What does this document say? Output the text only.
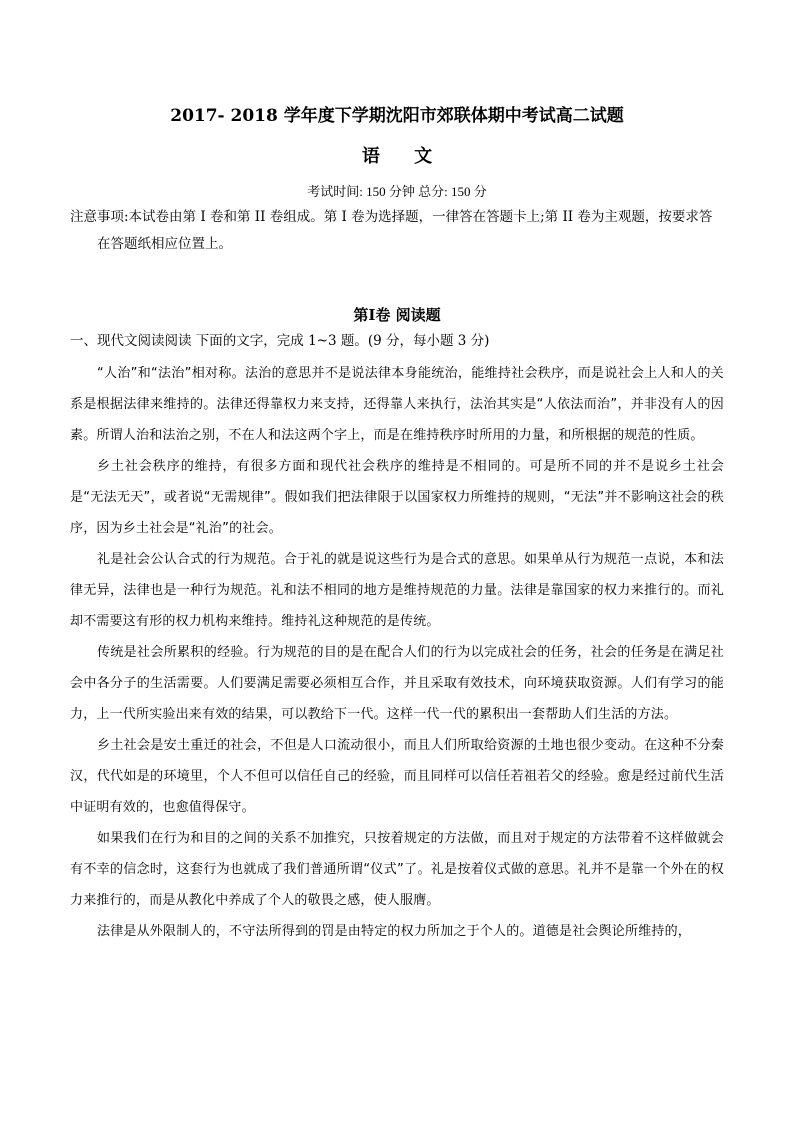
2017- 2018 学年度下学期沈阳市郊联体期中考试高二试题
语 文
考试时间: 150 分钟 总分: 150 分
注意事项:本试卷由第 I 卷和第 II 卷组成。第 I 卷为选择题，一律答在答题卡上;第 II 卷为主观题，按要求答在答题纸相应位置上。
第I卷 阅读题
一、现代文阅读阅读 下面的文字，完成 1~3 题。(9 分，每小题 3 分)

“人治”和“法治”相对称。法治的意思并不是说法律本身能统治，能维持社会秩序，而是说社会上人和人的关系是根据法律来维持的。法律还得靠权力来支持，还得靠人来执行，法治其实是“人依法而治”，并非没有人的因素。所谓人治和法治之别，不在人和法这两个字上，而是在维持秩序时所用的力量，和所根据的规范的性质。

乡土社会秩序的维持，有很多方面和现代社会秩序的维持是不相同的。可是所不同的并不是说乡土社会是“无法无天”，或者说“无需规律”。假如我们把法律限于以国家权力所维持的规则，“无法”并不影响这社会的秩序，因为乡土社会是“礼治”的社会。

礼是社会公认合式的行为规范。合于礼的就是说这些行为是合式的意思。如果单从行为规范一点说，本和法律无异，法律也是一种行为规范。礼和法不相同的地方是维持规范的力量。法律是靠国家的权力来推行的。而礼却不需要这有形的权力机构来维持。维持礼这种规范的是传统。

传统是社会所累积的经验。行为规范的目的是在配合人们的行为以完成社会的任务，社会的任务是在满足社会中各分子的生活需要。人们要满足需要必须相互合作，并且采取有效技术，向环境获取资源。人们有学习的能力，上一代所实验出来有效的结果，可以教给下一代。这样一代一代的累积出一套帮助人们生活的方法。

乡土社会是安土重迁的社会，不但是人口流动很小，而且人们所取给资源的土地也很少变动。在这种不分秦汉，代代如是的环境里，个人不但可以信任自己的经验，而且同样可以信任若祖若父的经验。愈是经过前代生活中证明有效的，也愈值得保守。

如果我们在行为和目的之间的关系不加推究，只按着规定的方法做，而且对于规定的方法带着不这样做就会有不幸的信念时，这套行为也就成了我们普通所谓“仪式”了。礼是按着仪式做的意思。礼并不是靠一个外在的权力来推行的，而是从教化中养成了个人的敬畏之感，使人服膺。

法律是从外限制人的，不守法所得到的罚是由特定的权力所加之于个人的。道德是社会舆论所维持的，
